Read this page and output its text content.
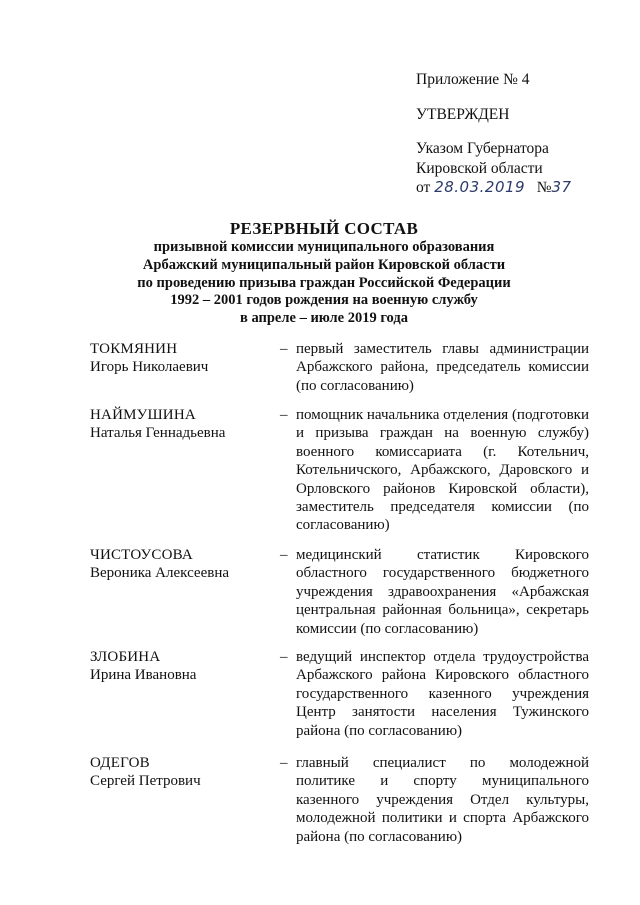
Приложение № 4
УТВЕРЖДЕН
Указом Губернатора
Кировской области
от 28.03.2019 №37
РЕЗЕРВНЫЙ СОСТАВ
призывной комиссии муниципального образования
Арбажский муниципальный район Кировской области
по проведению призыва граждан Российской Федерации
1992 – 2001 годов рождения на военную службу
в апреле – июле 2019 года
ТОКМЯНИН
Игорь Николаевич
– первый заместитель главы администрации Арбажского района, председатель комиссии (по согласованию)
НАЙМУШИНА
Наталья Геннадьевна
– помощник начальника отделения (подготовки и призыва граждан на военную службу) военного комиссариата (г. Котельнич, Котельничского, Арбажского, Даровского и Орловского районов Кировской области), заместитель председателя комиссии (по согласованию)
ЧИСТОУСОВА
Вероника Алексеевна
– медицинский статистик Кировского областного государственного бюджетного учреждения здравоохранения «Арбажская центральная районная больница», секретарь комиссии (по согласованию)
ЗЛОБИНА
Ирина Ивановна
– ведущий инспектор отдела трудоустройства Арбажского района Кировского областного государственного казенного учреждения Центр занятости населения Тужинского района (по согласованию)
ОДЕГОВ
Сергей Петрович
– главный специалист по молодежной политике и спорту муниципального казенного учреждения Отдел культуры, молодежной политики и спорта Арбажского района (по согласованию)
